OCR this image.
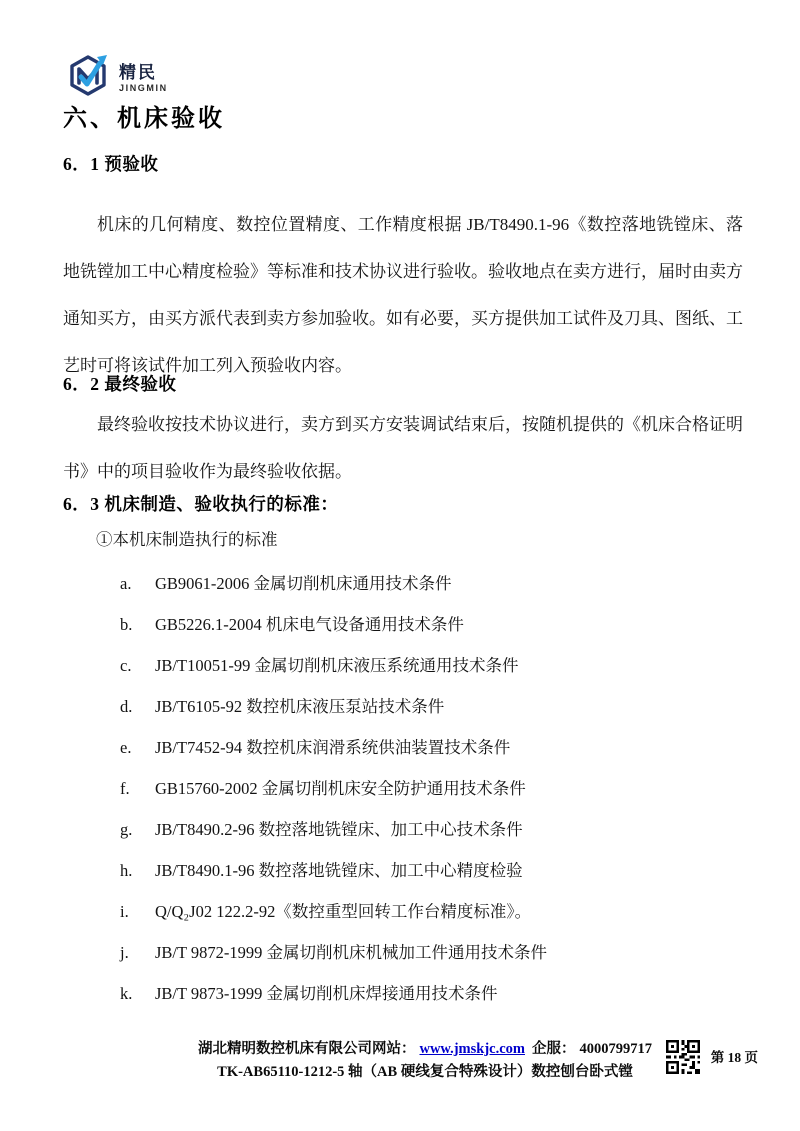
精民
JINGMIN
六、机床验收
6．1 预验收

机床的几何精度、数控位置精度、工作精度根据 JB/T8490.1-96《数控落地铣镗床、落地铣镗加工中心精度检验》等标准和技术协议进行验收。验收地点在卖方进行，届时由卖方通知买方，由买方派代表到卖方参加验收。如有必要，买方提供加工试件及刀具、图纸、工艺时可将该试件加工列入预验收内容。

6．2 最终验收

最终验收按技术协议进行，卖方到买方安装调试结束后，按随机提供的《机床合格证明书》中的项目验收作为最终验收依据。

6．3 机床制造、验收执行的标准：

①本机床制造执行的标准

a.	GB9061-2006 金属切削机床通用技术条件
b.	GB5226.1-2004 机床电气设备通用技术条件
c.	JB/T10051-99 金属切削机床液压系统通用技术条件
d.	JB/T6105-92 数控机床液压泵站技术条件
e.	JB/T7452-94 数控机床润滑系统供油装置技术条件
f.	GB15760-2002 金属切削机床安全防护通用技术条件
g.	JB/T8490.2-96 数控落地铣镗床、加工中心技术条件
h.	JB/T8490.1-96 数控落地铣镗床、加工中心精度检验
i.	Q/Q₂J02 122.2-92《数控重型回转工作台精度标准》。
j.	JB/T 9872-1999 金属切削机床机械加工件通用技术条件
k.	JB/T 9873-1999 金属切削机床焊接通用技术条件
湖北精明数控机床有限公司网站： www.jmskjc.com 企服： 4000799717
TK-AB65110-1212-5 轴（AB 硬线复合特殊设计）数控刨台卧式镗
第 18 页
